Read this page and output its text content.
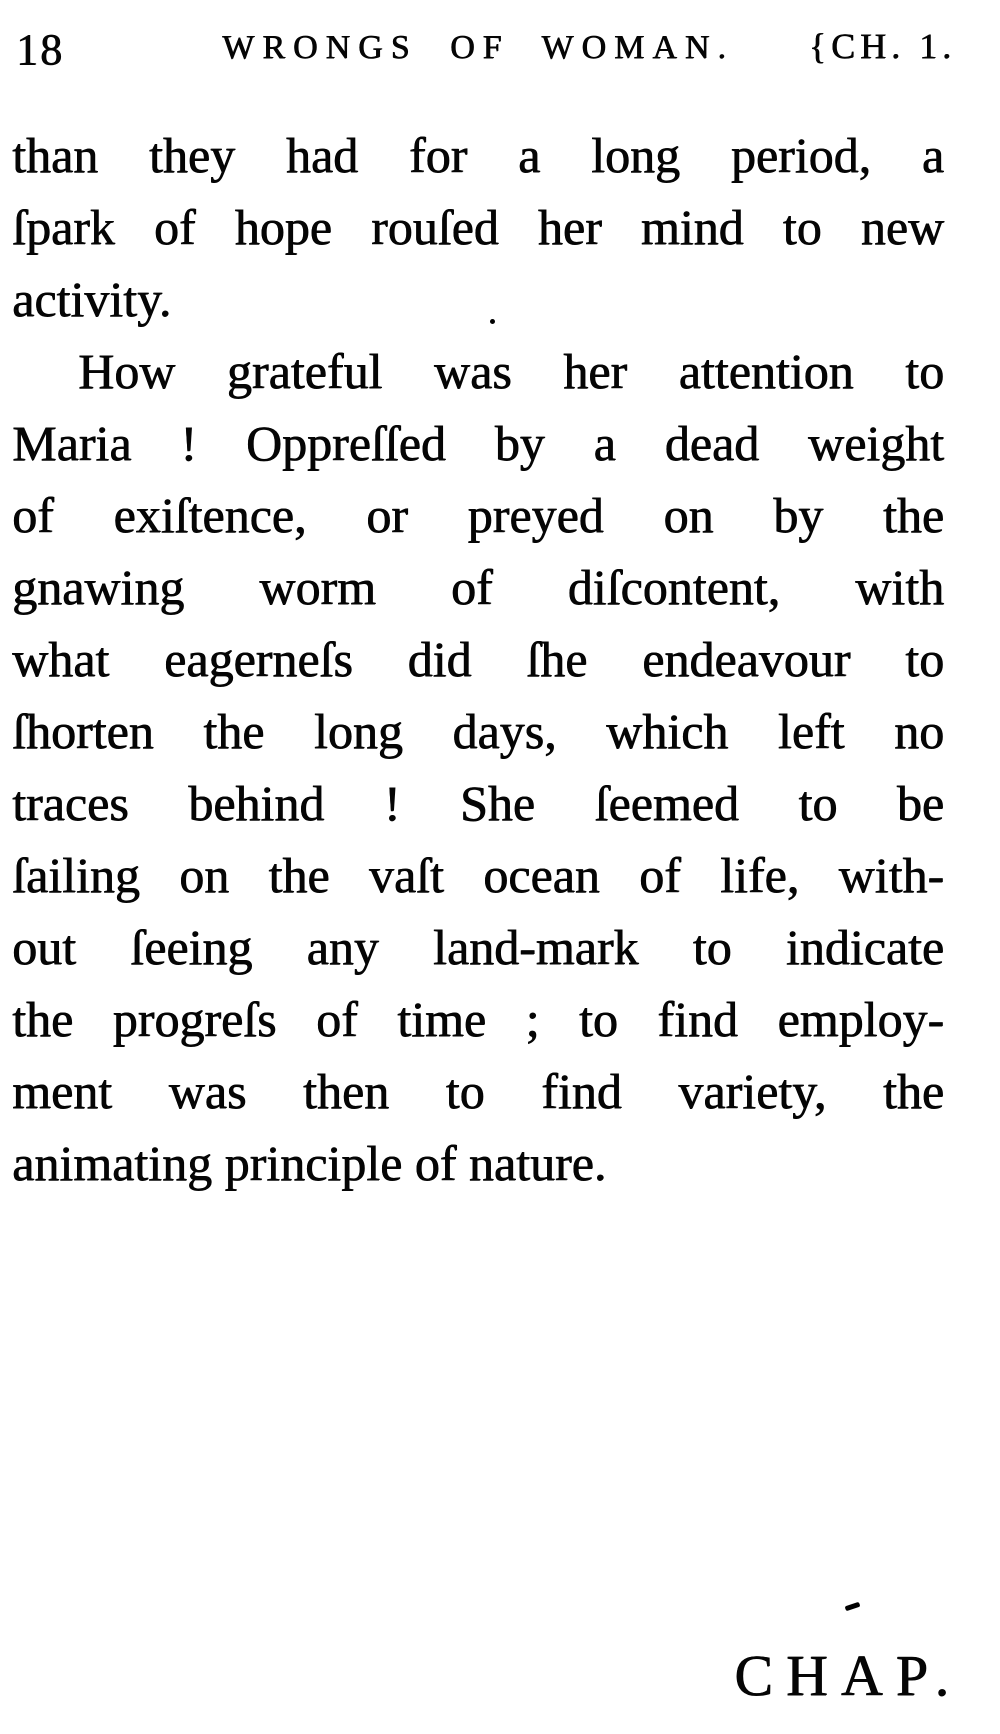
18	WRONGS OF WOMAN.	{CH. 1.
than they had for a long period, a
ſpark of hope rouſed her mind to new
activity.
How grateful was her attention to
Maria ! Oppreſſed by a dead weight
of exiſtence, or preyed on by the
gnawing worm of diſcontent, with
what eagerneſs did ſhe endeavour to
ſhorten the long days, which left no
traces behind ! She ſeemed to be
ſailing on the vaſt ocean of life, with-
out ſeeing any land-mark to indicate
the progreſs of time ; to find employ-
ment was then to find variety, the
animating principle of nature.
CHAP.
